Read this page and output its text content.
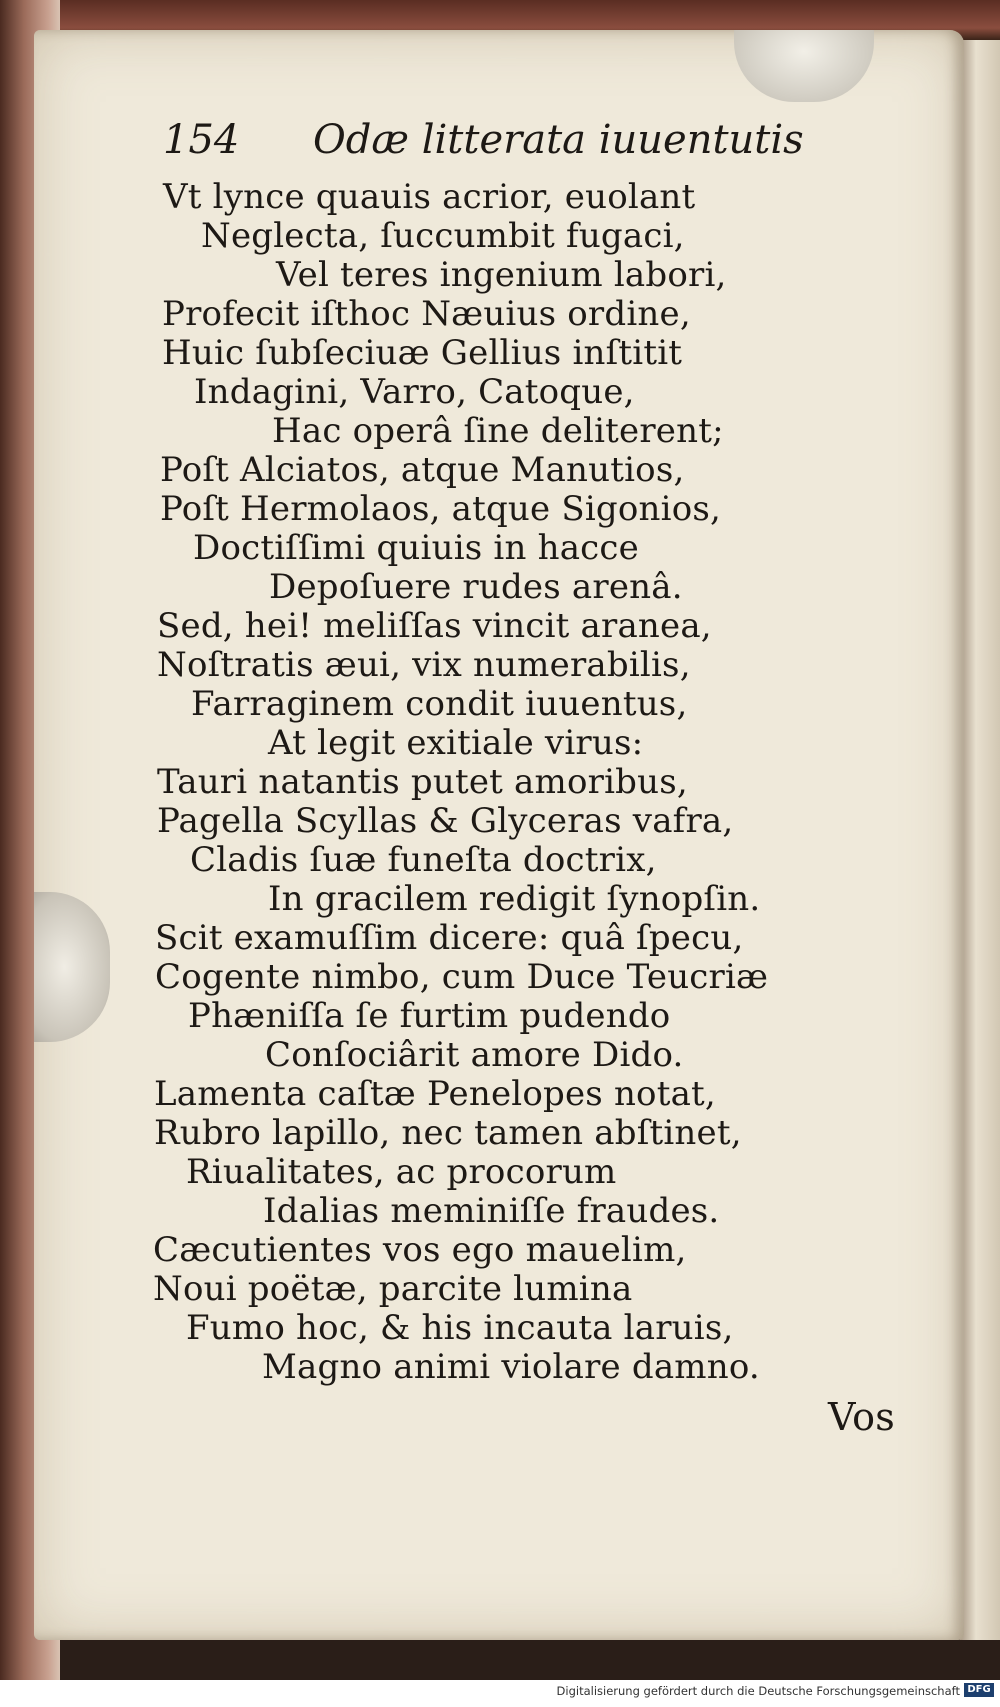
154 Odæ litterata iuuentutis
Vt lynce quauis acrior, euolant
Neglecta, ſuccumbit fugaci,
Vel teres ingenium labori,
Profecit iſthoc Næuius ordine,
Huic ſubſeciuæ Gellius inſtitit
Indagini, Varro, Catoque,
Hac operâ ſine deliterent;
Poſt Alciatos, atque Manutios,
Poſt Hermolaos, atque Sigonios,
Doctiſſimi quiuis in hacce
Depoſuere rudes arenâ.
Sed, hei! meliſſas vincit aranea,
Noſtratis æui, vix numerabilis,
Farraginem condit iuuentus,
At legit exitiale virus:
Tauri natantis putet amoribus,
Pagella Scyllas & Glyceras vafra,
Cladis ſuæ funeſta doctrix,
In gracilem redigit ſynopſin.
Scit examuſſim dicere: quâ ſpecu,
Cogente nimbo, cum Duce Teucriæ
Phæniſſa ſe furtim pudendo
Conſociârit amore Dido.
Lamenta caſtæ Penelopes notat,
Rubro lapillo, nec tamen abſtinet,
Riualitates, ac procorum
Idalias meminiſſe fraudes.
Cæcutientes vos ego mauelim,
Noui poëtæ, parcite lumina
Fumo hoc, & his incauta laruis,
Magno animi violare damno.
Vos
Digitalisierung gefördert durch die Deutsche Forschungsgemeinschaft DFG
